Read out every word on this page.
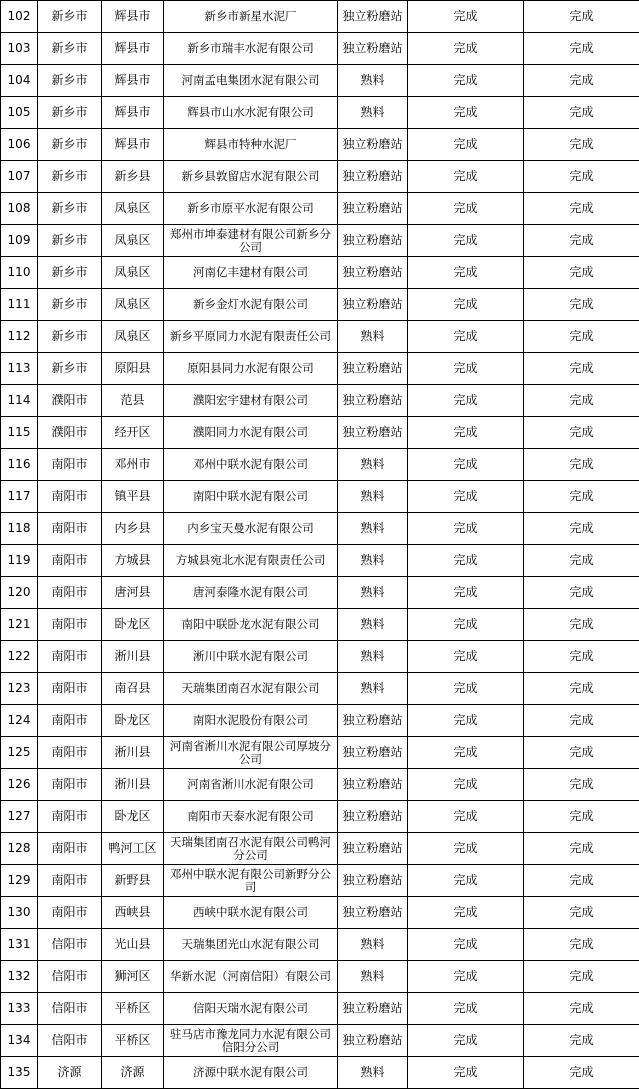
102	新乡市	辉县市	新乡市新星水泥厂	独立粉磨站	完成	完成
103	新乡市	辉县市	新乡市瑞丰水泥有限公司	独立粉磨站	完成	完成
104	新乡市	辉县市	河南孟电集团水泥有限公司	熟料	完成	完成
105	新乡市	辉县市	辉县市山水水泥有限公司	熟料	完成	完成
106	新乡市	辉县市	辉县市特种水泥厂	独立粉磨站	完成	完成
107	新乡市	新乡县	新乡县敦留店水泥有限公司	独立粉磨站	完成	完成
108	新乡市	凤泉区	新乡市原平水泥有限公司	独立粉磨站	完成	完成
109	新乡市	凤泉区	郑州市坤泰建材有限公司新乡分公司	独立粉磨站	完成	完成
110	新乡市	凤泉区	河南亿丰建材有限公司	独立粉磨站	完成	完成
111	新乡市	凤泉区	新乡金灯水泥有限公司	独立粉磨站	完成	完成
112	新乡市	凤泉区	新乡平原同力水泥有限责任公司	熟料	完成	完成
113	新乡市	原阳县	原阳县同力水泥有限公司	独立粉磨站	完成	完成
114	濮阳市	范县	濮阳宏宇建材有限公司	独立粉磨站	完成	完成
115	濮阳市	经开区	濮阳同力水泥有限公司	独立粉磨站	完成	完成
116	南阳市	邓州市	邓州中联水泥有限公司	熟料	完成	完成
117	南阳市	镇平县	南阳中联水泥有限公司	熟料	完成	完成
118	南阳市	内乡县	内乡宝天曼水泥有限公司	熟料	完成	完成
119	南阳市	方城县	方城县宛北水泥有限责任公司	熟料	完成	完成
120	南阳市	唐河县	唐河泰隆水泥有限公司	熟料	完成	完成
121	南阳市	卧龙区	南阳中联卧龙水泥有限公司	熟料	完成	完成
122	南阳市	淅川县	淅川中联水泥有限公司	熟料	完成	完成
123	南阳市	南召县	天瑞集团南召水泥有限公司	熟料	完成	完成
124	南阳市	卧龙区	南阳水泥股份有限公司	独立粉磨站	完成	完成
125	南阳市	淅川县	河南省淅川水泥有限公司厚坡分公司	独立粉磨站	完成	完成
126	南阳市	淅川县	河南省淅川水泥有限公司	独立粉磨站	完成	完成
127	南阳市	卧龙区	南阳市天泰水泥有限公司	独立粉磨站	完成	完成
128	南阳市	鸭河工区	天瑞集团南召水泥有限公司鸭河分公司	独立粉磨站	完成	完成
129	南阳市	新野县	邓州中联水泥有限公司新野分公司	独立粉磨站	完成	完成
130	南阳市	西峡县	西峡中联水泥有限公司	独立粉磨站	完成	完成
131	信阳市	光山县	天瑞集团光山水泥有限公司	熟料	完成	完成
132	信阳市	狮河区	华新水泥（河南信阳）有限公司	熟料	完成	完成
133	信阳市	平桥区	信阳天瑞水泥有限公司	独立粉磨站	完成	完成
134	信阳市	平桥区	驻马店市豫龙同力水泥有限公司信阳分公司	独立粉磨站	完成	完成
135	济源	济源	济源中联水泥有限公司	熟料	完成	完成
